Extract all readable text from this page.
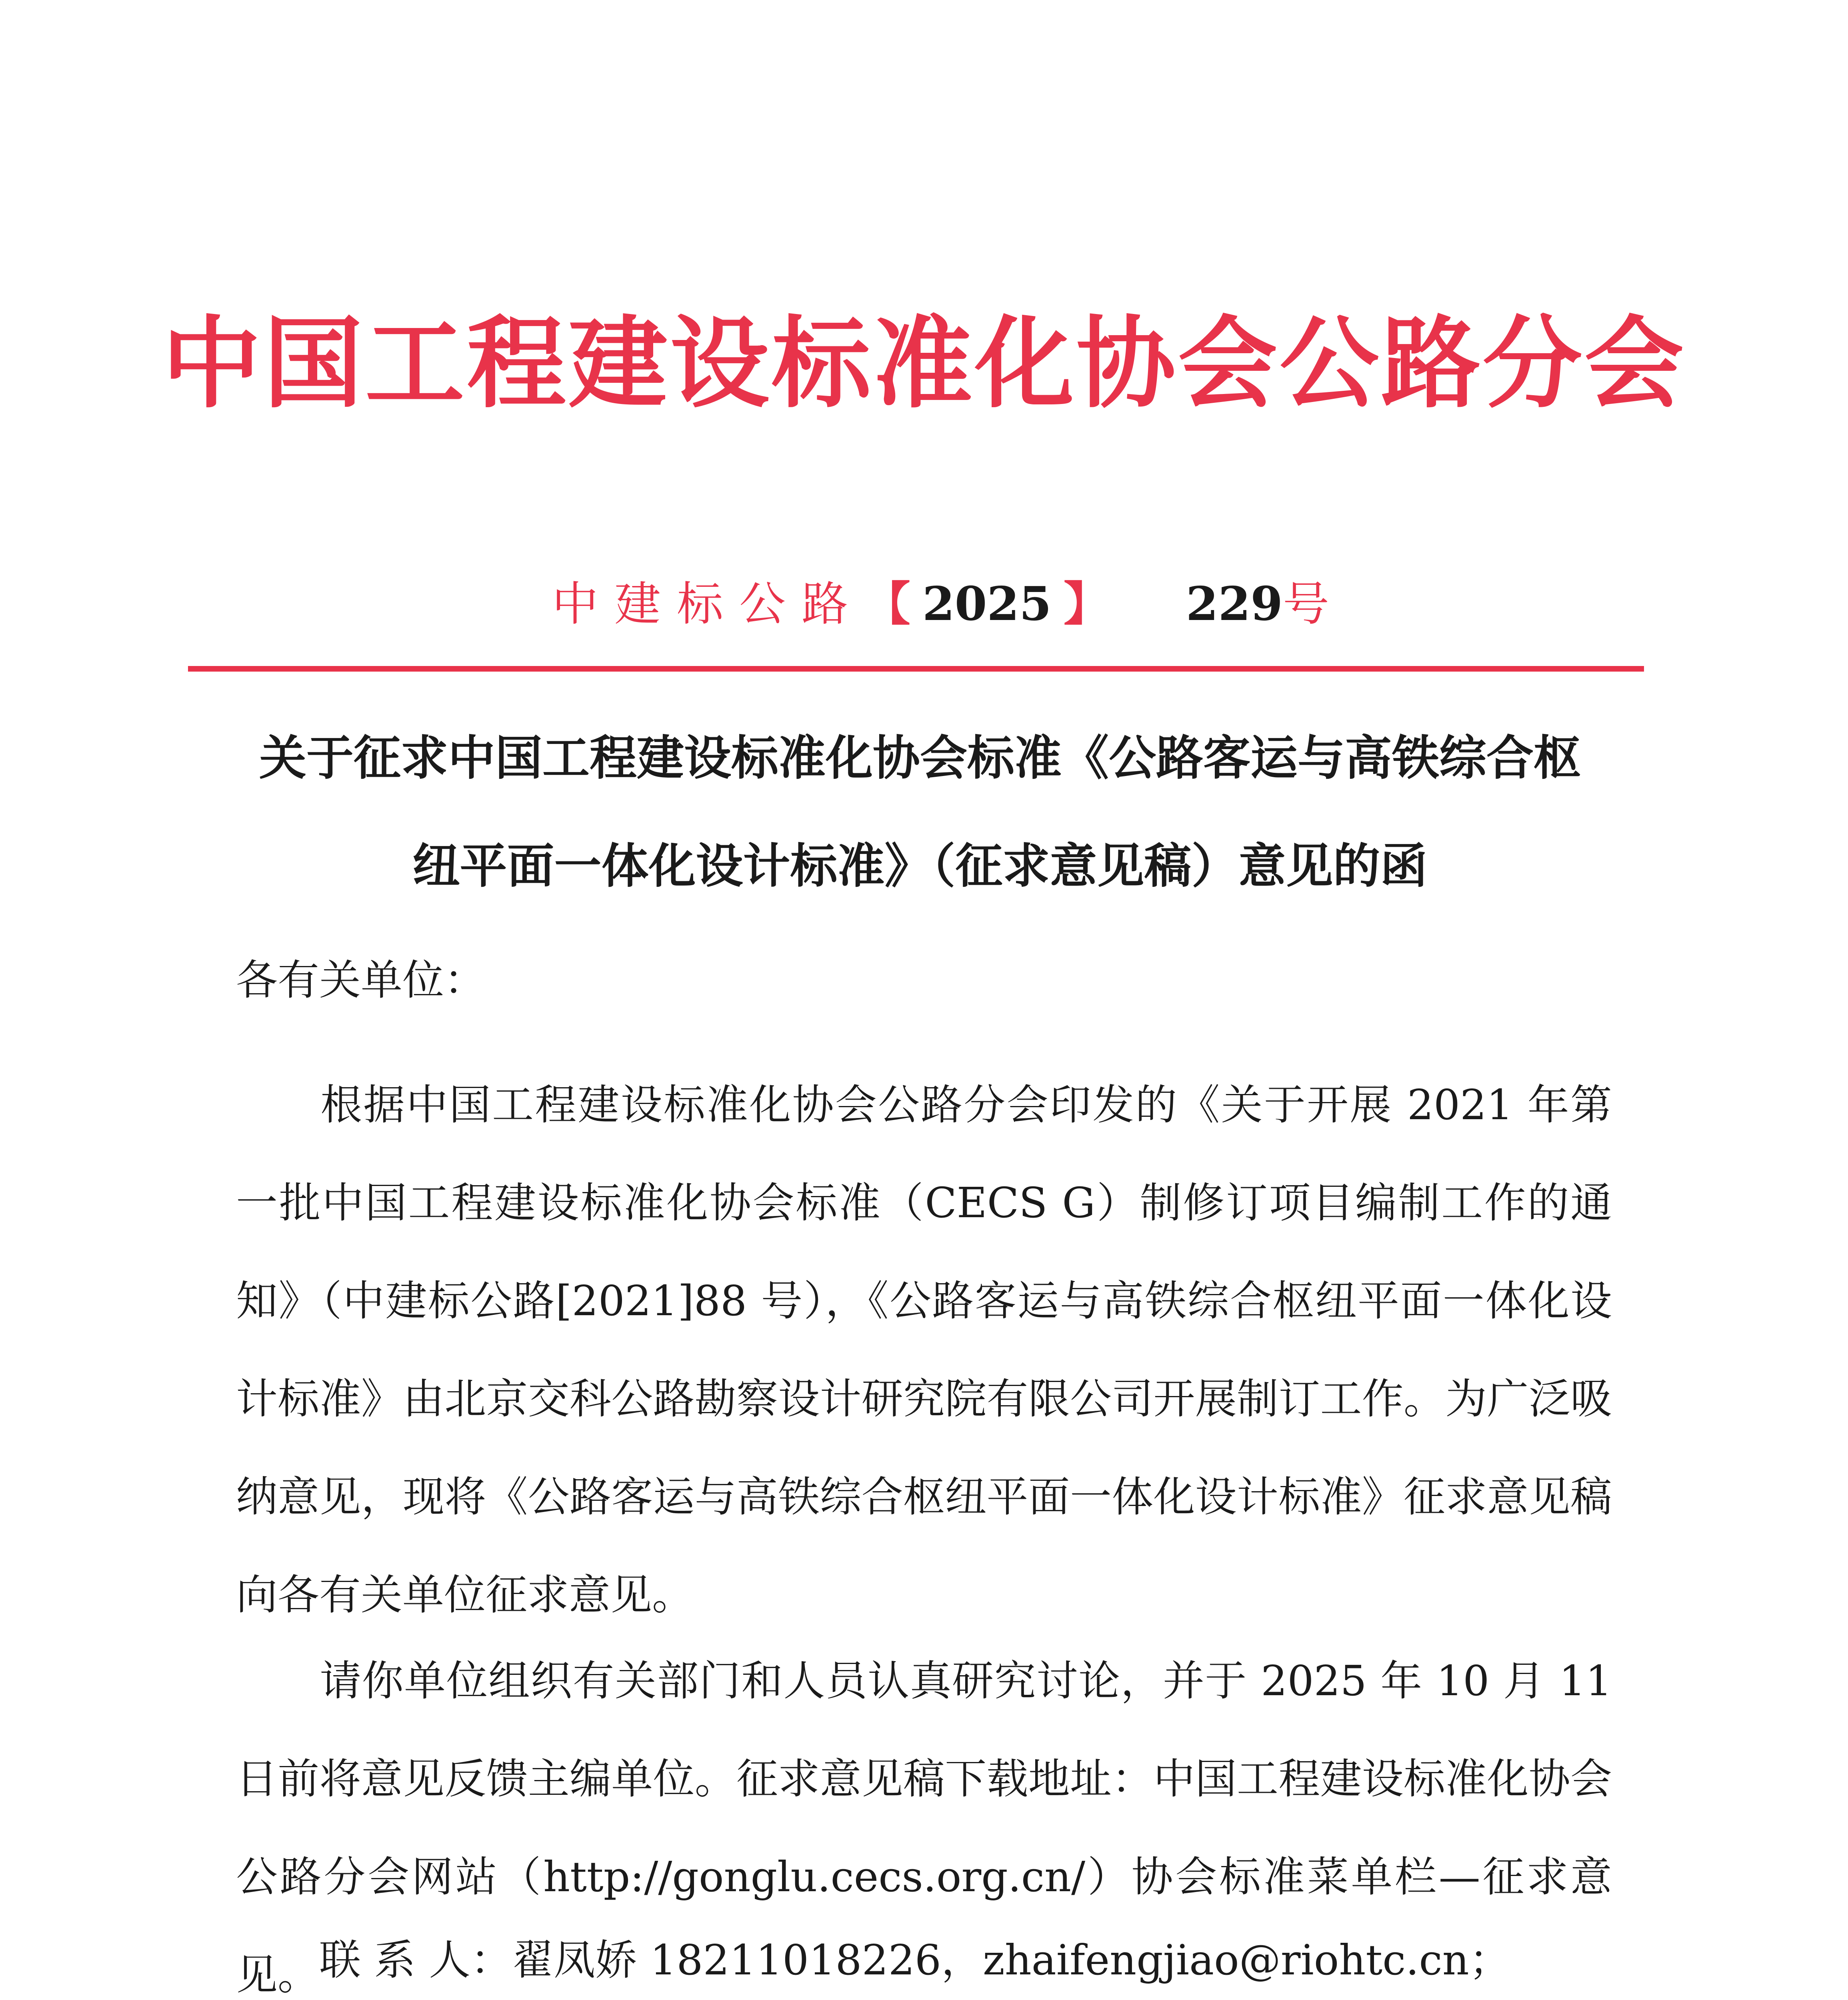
中国工程建设标准化协会公路分会
中建标公路【 2025 】 229号
关于征求中国工程建设标准化协会标准《公路客运与高铁综合枢
纽平面一体化设计标准》（征求意见稿）意见的函
各有关单位：

根据中国工程建设标准化协会公路分会印发的《关于开展 2021 年第一批中国工程建设标准化协会标准（CECS G）制修订项目编制工作的通知》（中建标公路[2021]88 号），《公路客运与高铁综合枢纽平面一体化设计标准》由北京交科公路勘察设计研究院有限公司开展制订工作。为广泛吸纳意见，现将《公路客运与高铁综合枢纽平面一体化设计标准》征求意见稿向各有关单位征求意见。

请你单位组织有关部门和人员认真研究讨论，并于 2025 年 10 月 11 日前将意见反馈主编单位。征求意见稿下载地址：中国工程建设标准化协会公路分会网站（http://gonglu.cecs.org.cn/）协会标准菜单栏—征求意见。 联 系 人：翟凤娇 18211018226，zhaifengjiao@riohtc.cn；
